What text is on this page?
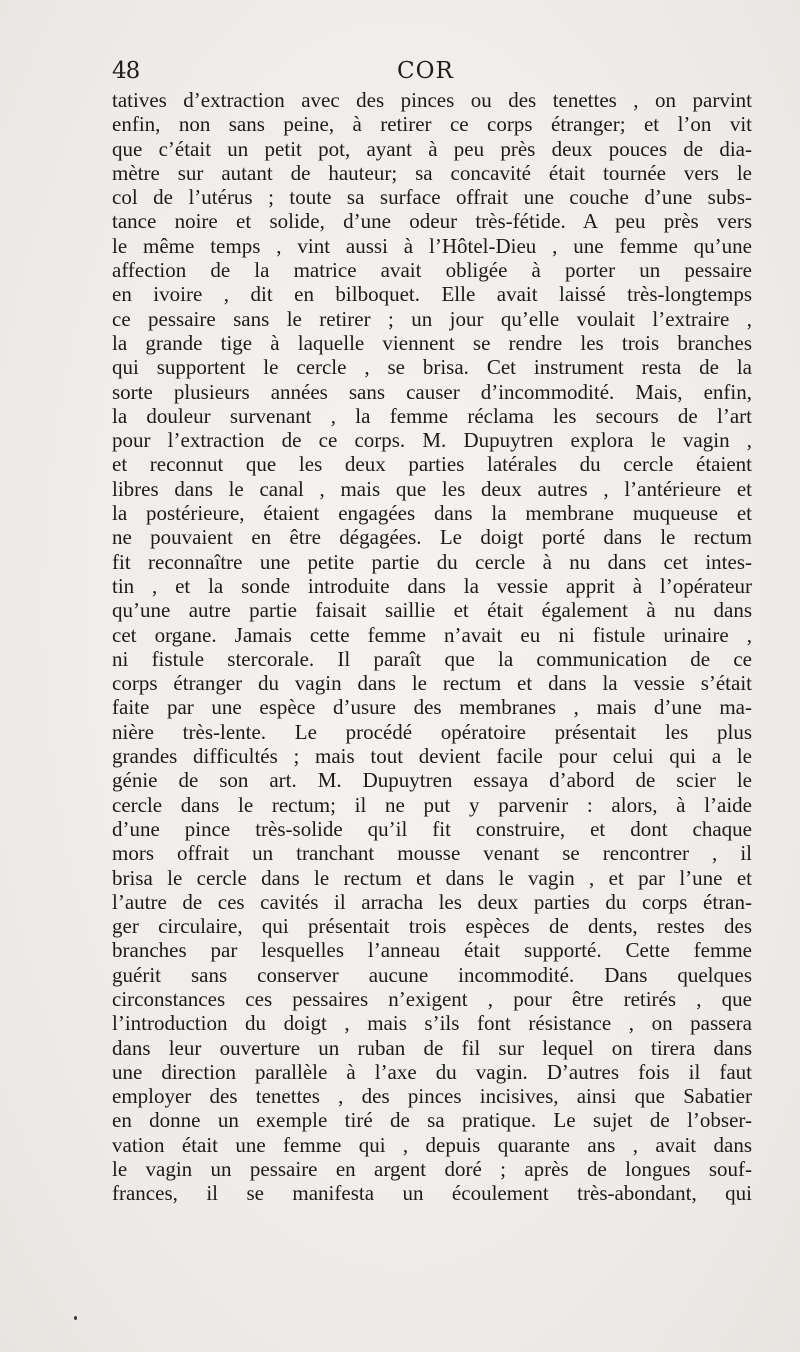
48	COR
tatives d’extraction avec des pinces ou des tenettes , on parvint
enfin, non sans peine, à retirer ce corps étranger; et l’on vit
que c’était un petit pot, ayant à peu près deux pouces de dia-
mètre sur autant de hauteur; sa concavité était tournée vers le
col de l’utérus ; toute sa surface offrait une couche d’une subs-
tance noire et solide, d’une odeur très-fétide. A peu près vers
le même temps , vint aussi à l’Hôtel-Dieu , une femme qu’une
affection de la matrice avait obligée à porter un pessaire
en ivoire , dit en bilboquet. Elle avait laissé très-longtemps
ce pessaire sans le retirer ; un jour qu’elle voulait l’extraire ,
la grande tige à laquelle viennent se rendre les trois branches
qui supportent le cercle , se brisa. Cet instrument resta de la
sorte plusieurs années sans causer d’incommodité. Mais, enfin,
la douleur survenant , la femme réclama les secours de l’art
pour l’extraction de ce corps. M. Dupuytren explora le vagin ,
et reconnut que les deux parties latérales du cercle étaient
libres dans le canal , mais que les deux autres , l’antérieure et
la postérieure, étaient engagées dans la membrane muqueuse et
ne pouvaient en être dégagées. Le doigt porté dans le rectum
fit reconnaître une petite partie du cercle à nu dans cet intes-
tin , et la sonde introduite dans la vessie apprit à l’opérateur
qu’une autre partie faisait saillie et était également à nu dans
cet organe. Jamais cette femme n’avait eu ni fistule urinaire ,
ni fistule stercorale. Il paraît que la communication de ce
corps étranger du vagin dans le rectum et dans la vessie s’était
faite par une espèce d’usure des membranes , mais d’une ma-
nière très-lente. Le procédé opératoire présentait les plus
grandes difficultés ; mais tout devient facile pour celui qui a le
génie de son art. M. Dupuytren essaya d’abord de scier le
cercle dans le rectum; il ne put y parvenir : alors, à l’aide
d’une pince très-solide qu’il fit construire, et dont chaque
mors offrait un tranchant mousse venant se rencontrer , il
brisa le cercle dans le rectum et dans le vagin , et par l’une et
l’autre de ces cavités il arracha les deux parties du corps étran-
ger circulaire, qui présentait trois espèces de dents, restes des
branches par lesquelles l’anneau était supporté. Cette femme
guérit sans conserver aucune incommodité. Dans quelques
circonstances ces pessaires n’exigent , pour être retirés , que
l’introduction du doigt , mais s’ils font résistance , on passera
dans leur ouverture un ruban de fil sur lequel on tirera dans
une direction parallèle à l’axe du vagin. D’autres fois il faut
employer des tenettes , des pinces incisives, ainsi que Sabatier
en donne un exemple tiré de sa pratique. Le sujet de l’obser-
vation était une femme qui , depuis quarante ans , avait dans
le vagin un pessaire en argent doré ; après de longues souf-
frances, il se manifesta un écoulement très-abondant, qui
